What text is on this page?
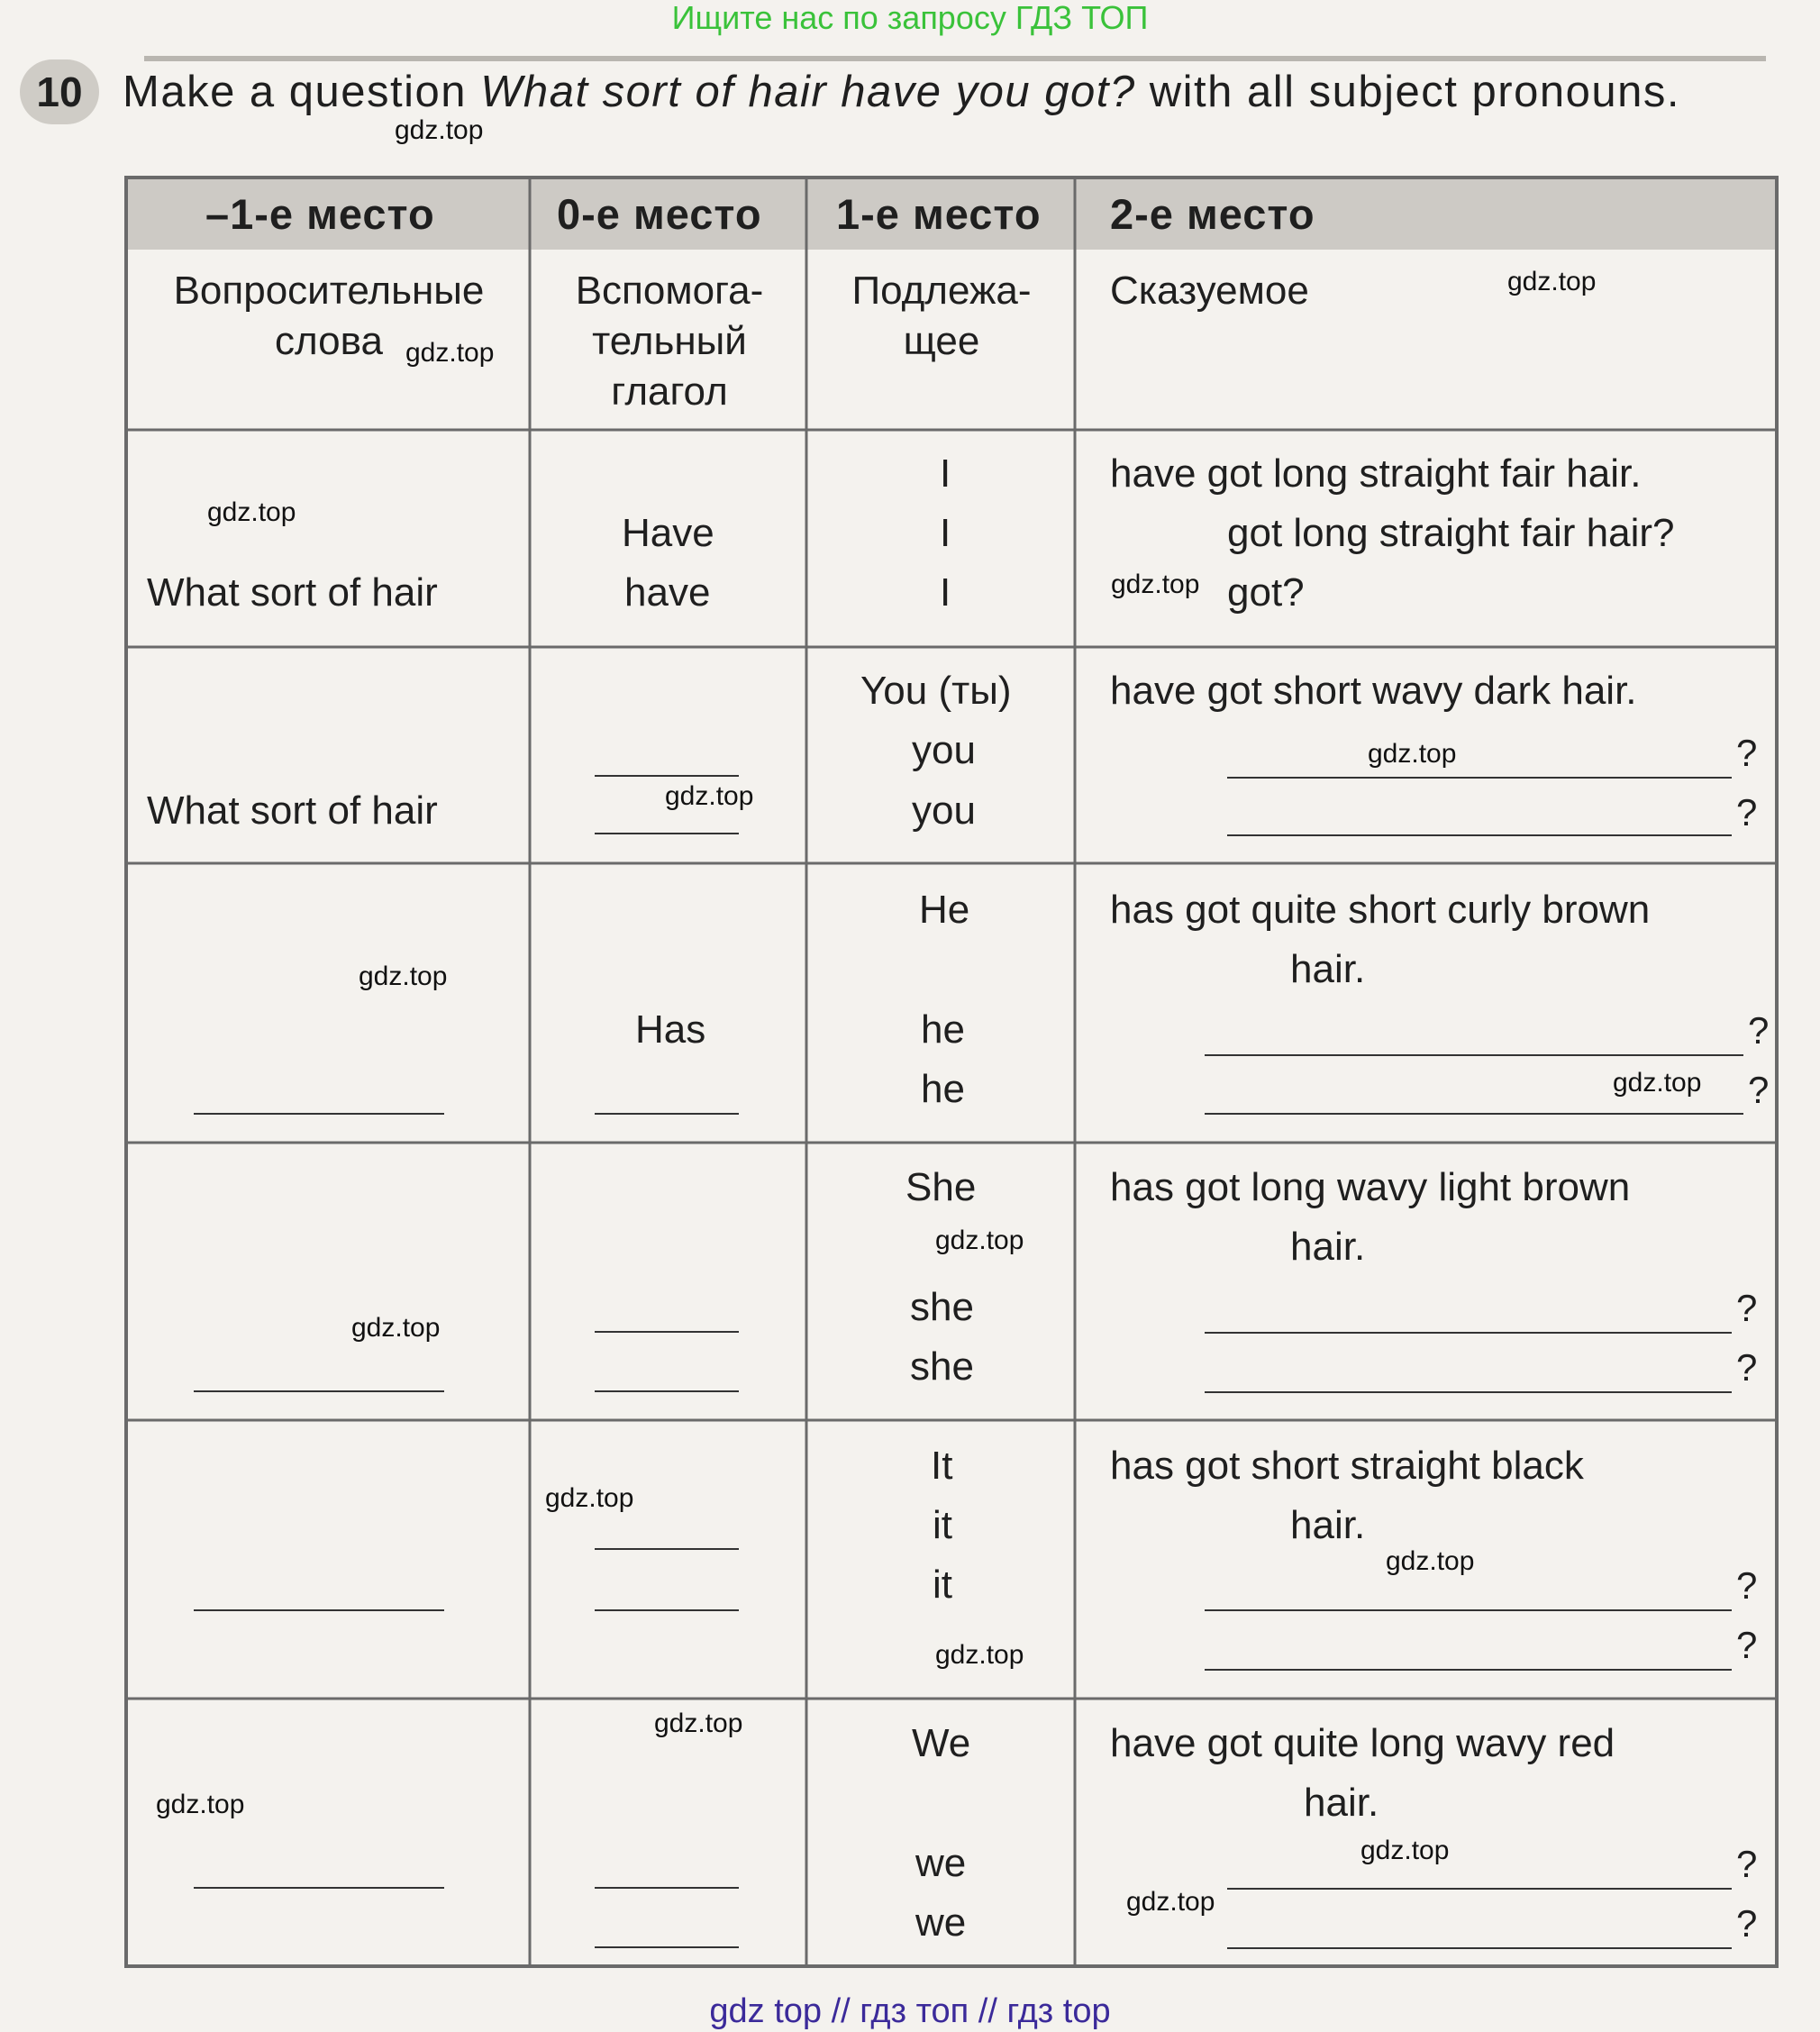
Ищите нас по запросу ГДЗ ТОП
10 Make a question What sort of hair have you got? with all subject pronouns.
–1-е место	0-е место 1-е место 2-е место
Вопросительные слова
Вспомога-тельный глагол
Подлежа-щее
Сказуемое
What sort of hair
Have
have
I
I
I
have got long straight fair hair.
got long straight fair hair?
got?
What sort of hair
You (ты)
you
you
have got short wavy dark hair.
?
?
Has
He
he
he
has got quite short curly brown
hair.
?
?
She
she
she
has got long wavy light brown
hair.
?
?
It
it
it
has got short straight black
hair.
?
?
We
we
we
have got quite long wavy red
hair.
?
?
gdz.top
gdz.top
gdz.top
gdz.top
gdz.top
gdz.top
gdz.top
gdz.top
gdz.top
gdz.top
gdz.top
gdz.top
gdz.top
gdz.top
gdz.top
gdz.top
gdz.top
gdz.top
gdz top // гдз топ // гдз top
